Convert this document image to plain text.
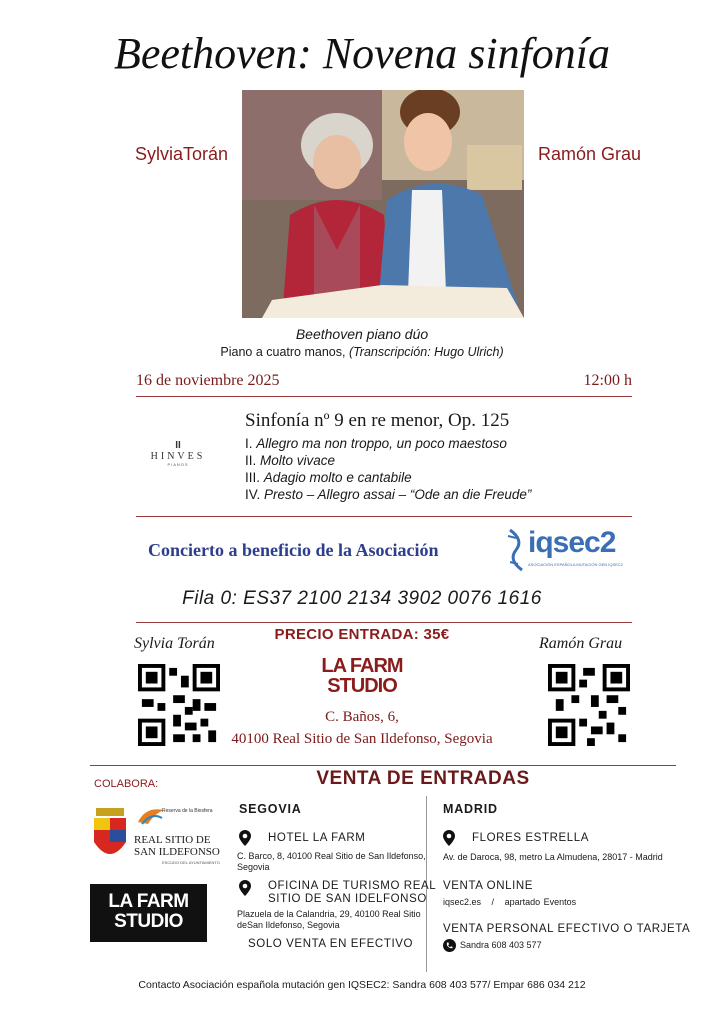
Beethoven: Novena sinfonía
SylviaTorán	Ramón Grau
Beethoven piano dúo
Piano a cuatro manos, (Transcripción: Hugo Ulrich)
16 de noviembre 2025	12:00 h
Sinfonía nº 9 en re menor, Op. 125
I. Allegro ma non troppo, un poco maestoso
II. Molto vivace
III. Adagio molto e cantabile
IV. Presto – Allegro assai – “Ode an die Freude”
II
HINVES
PIANOS
Concierto a beneficio de la Asociación	iqsec2
ASOCIACIÓN ESPAÑOLA MUTACIÓN GEN IQSEC2
Fila 0: ES37 2100 2134 3902 0076 1616
PRECIO ENTRADA: 35€
Sylvia Torán	Ramón Grau
LA FARM
STUDIO
C. Baños, 6,
40100 Real Sitio de San Ildefonso, Segovia
COLABORA:
Reserva de la Biosfera
REAL SITIO DE
SAN ILDEFONSO
ESCUDO DEL AYUNTAMIENTO
LA FARM
STUDIO
VENTA DE ENTRADAS
SEGOVIA
HOTEL LA FARM
C. Barco, 8, 40100 Real Sitio de San Ildefonso,
Segovia
OFICINA DE TURISMO REAL
SITIO DE SAN IDELFONSO
Plazuela de la Calandria, 29, 40100 Real Sitio
deSan Ildefonso, Segovia
SOLO VENTA EN EFECTIVO
MADRID
FLORES ESTRELLA
Av. de Daroca, 98, metro La Almudena, 28017 - Madrid
VENTA ONLINE
iqsec2.es / apartado Eventos
VENTA PERSONAL EFECTIVO O TARJETA
Sandra 608 403 577
Contacto Asociación española mutación gen IQSEC2: Sandra 608 403 577/ Empar 686 034 212
